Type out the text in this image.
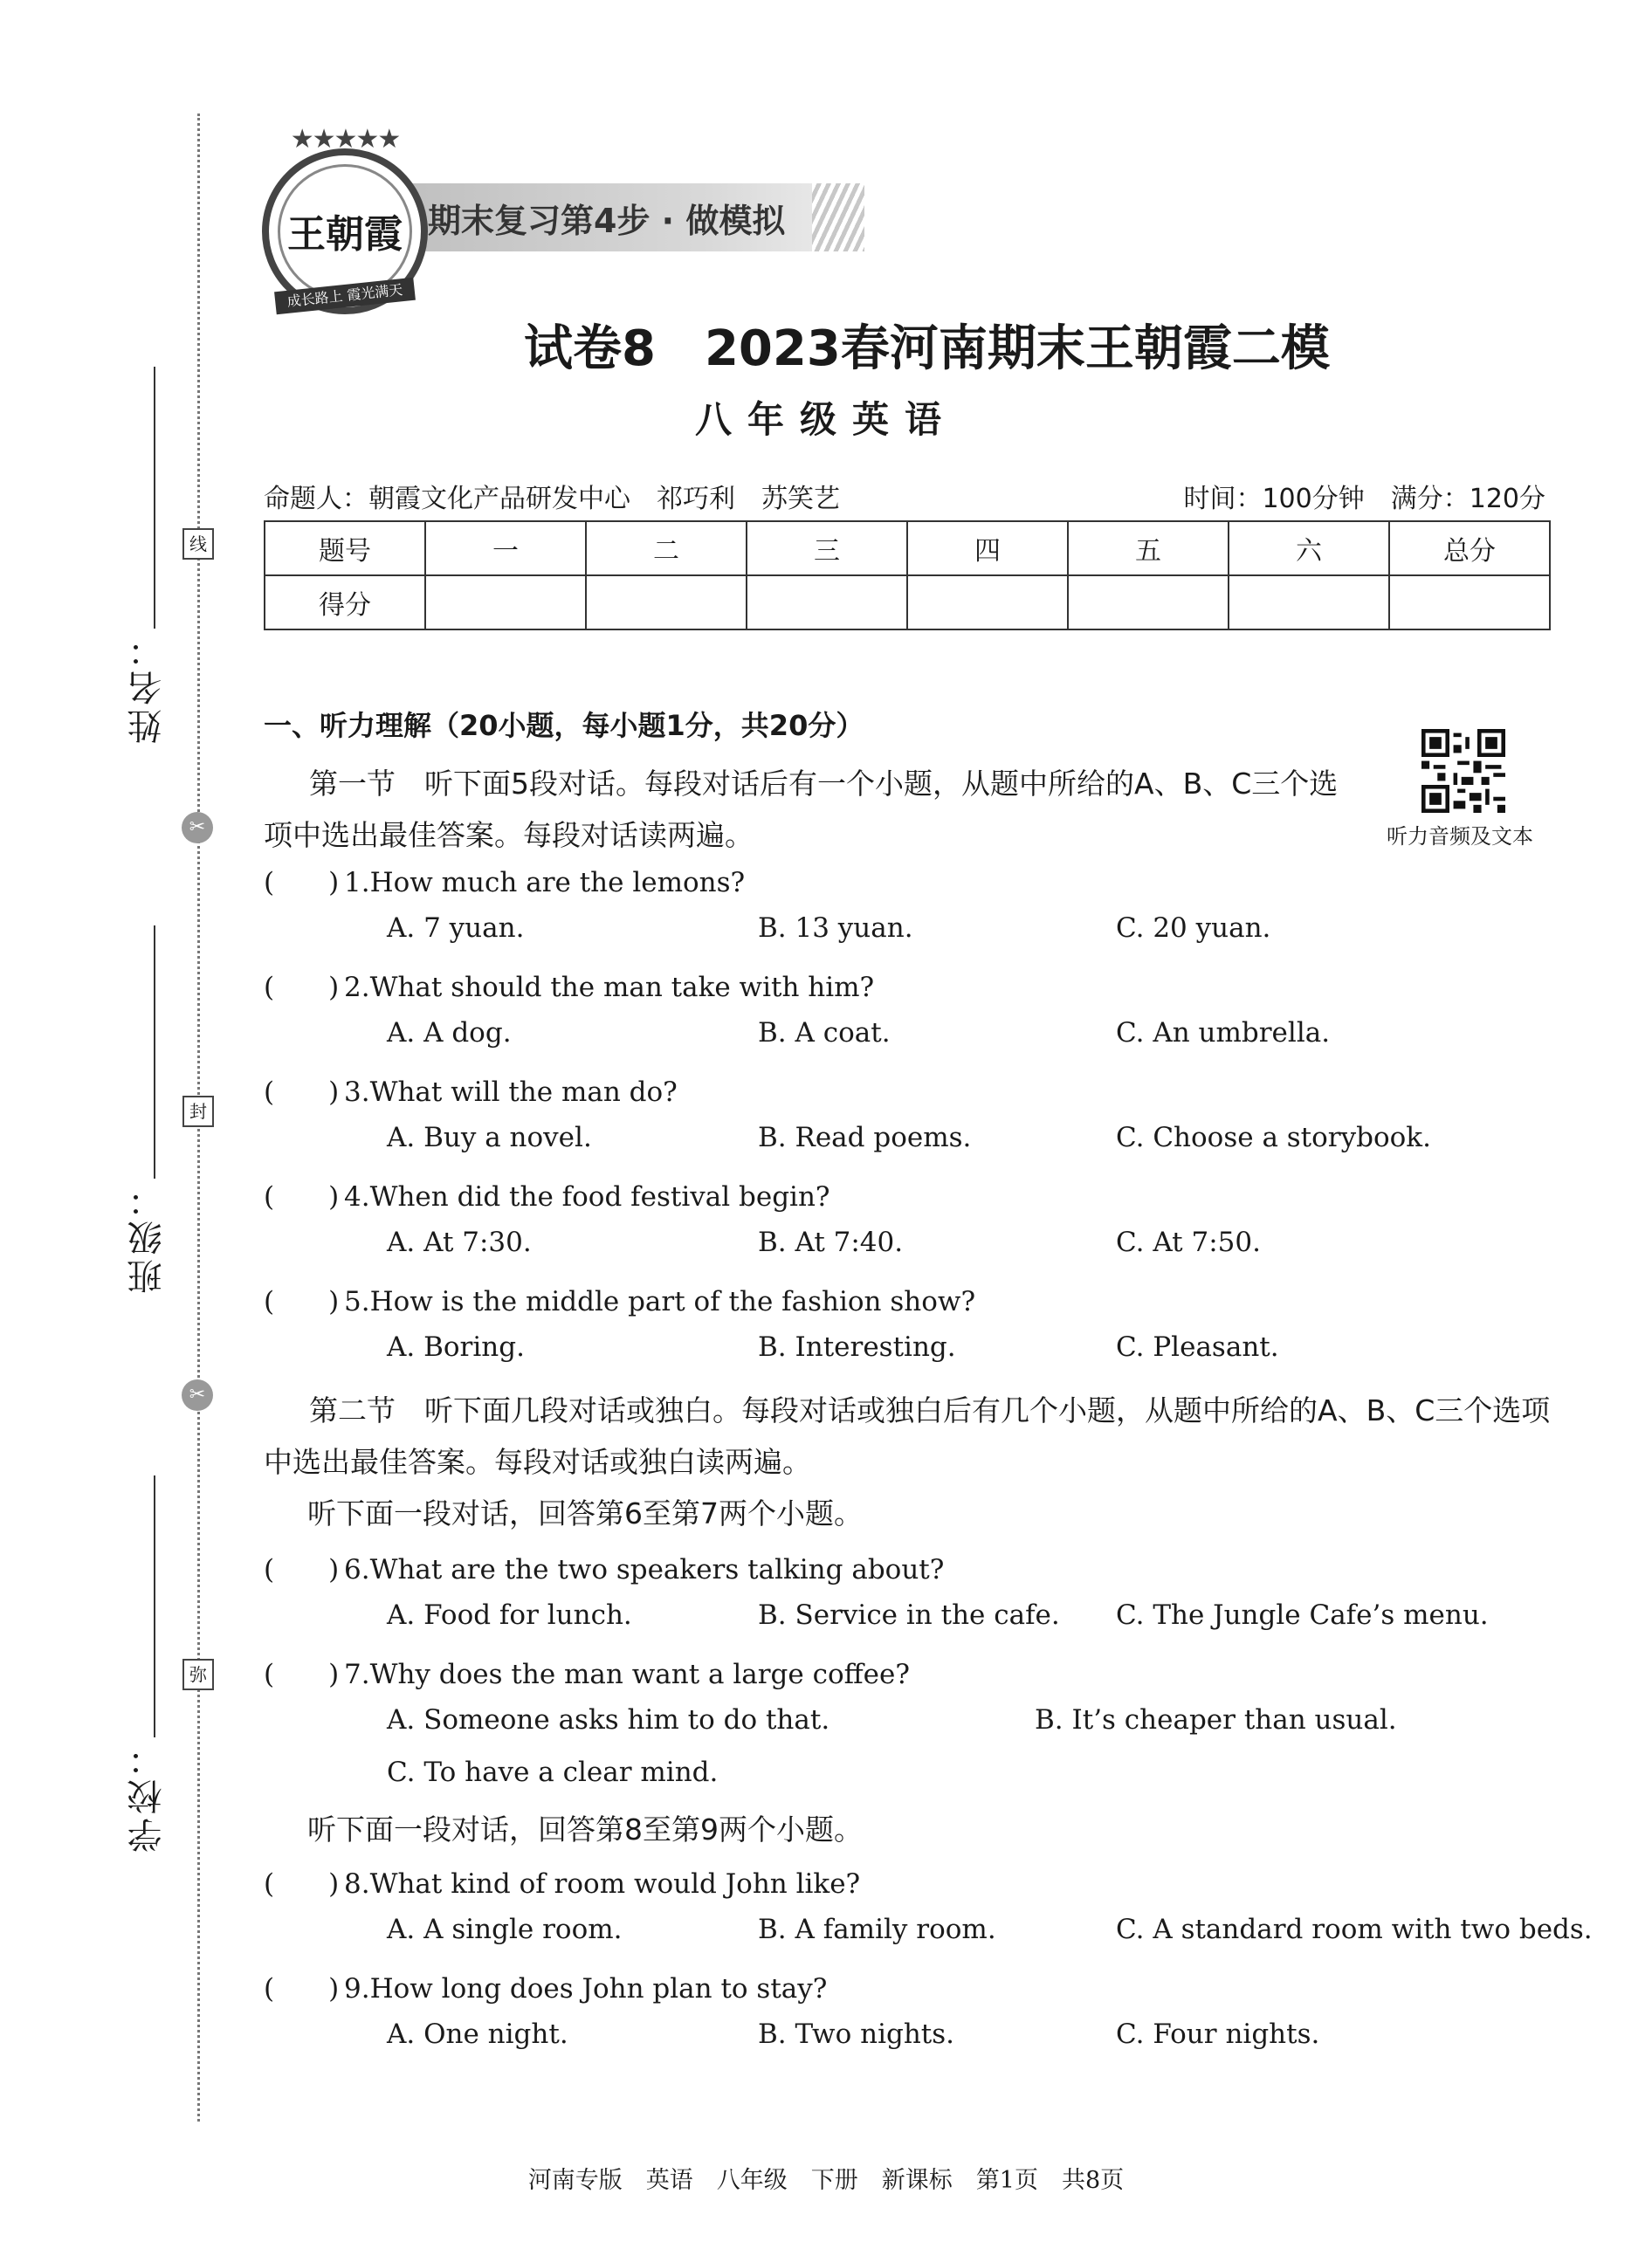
姓名：
班级：
学校：
线
✂
封
✂
弥
期末复习第4步 · 做模拟
★★★★★
王朝霞
成长路上 霞光满天
试卷8　2023春河南期末王朝霞二模
八年级英语
命题人：朝霞文化产品研发中心　祁巧利　苏笑艺	时间：100分钟　满分：120分
题号	一	二	三	四	五	六	总分
得分							
一、听力理解（20小题，每小题1分，共20分）
第一节　听下面5段对话。每段对话后有一个小题，从题中所给的A、B、C三个选项中选出最佳答案。每段对话读两遍。	听力音频及文本
(　　) 1.How much are the lemons?
A. 7 yuan.	B. 13 yuan.	C. 20 yuan.
(　　) 2.What should the man take with him?
A. A dog.	B. A coat.	C. An umbrella.
(　　) 3.What will the man do?
A. Buy a novel.	B. Read poems.	C. Choose a storybook.
(　　) 4.When did the food festival begin?
A. At 7:30.	B. At 7:40.	C. At 7:50.
(　　) 5.How is the middle part of the fashion show?
A. Boring.	B. Interesting.	C. Pleasant.
第二节　听下面几段对话或独白。每段对话或独白后有几个小题，从题中所给的A、B、C三个选项中选出最佳答案。每段对话或独白读两遍。
听下面一段对话，回答第6至第7两个小题。
(　　) 6.What are the two speakers talking about?
A. Food for lunch.	B. Service in the cafe. C. The Jungle Cafe’s menu.
(　　) 7.Why does the man want a large coffee?
A. Someone asks him to do that.	B. It’s cheaper than usual.
C. To have a clear mind.
听下面一段对话，回答第8至第9两个小题。
(　　) 8.What kind of room would John like?
A. A single room.	B. A family room.	C. A standard room with two beds.
(　　) 9.How long does John plan to stay?
A. One night.	B. Two nights.	C. Four nights.
河南专版　英语　八年级　下册　新课标　第1页　共8页
